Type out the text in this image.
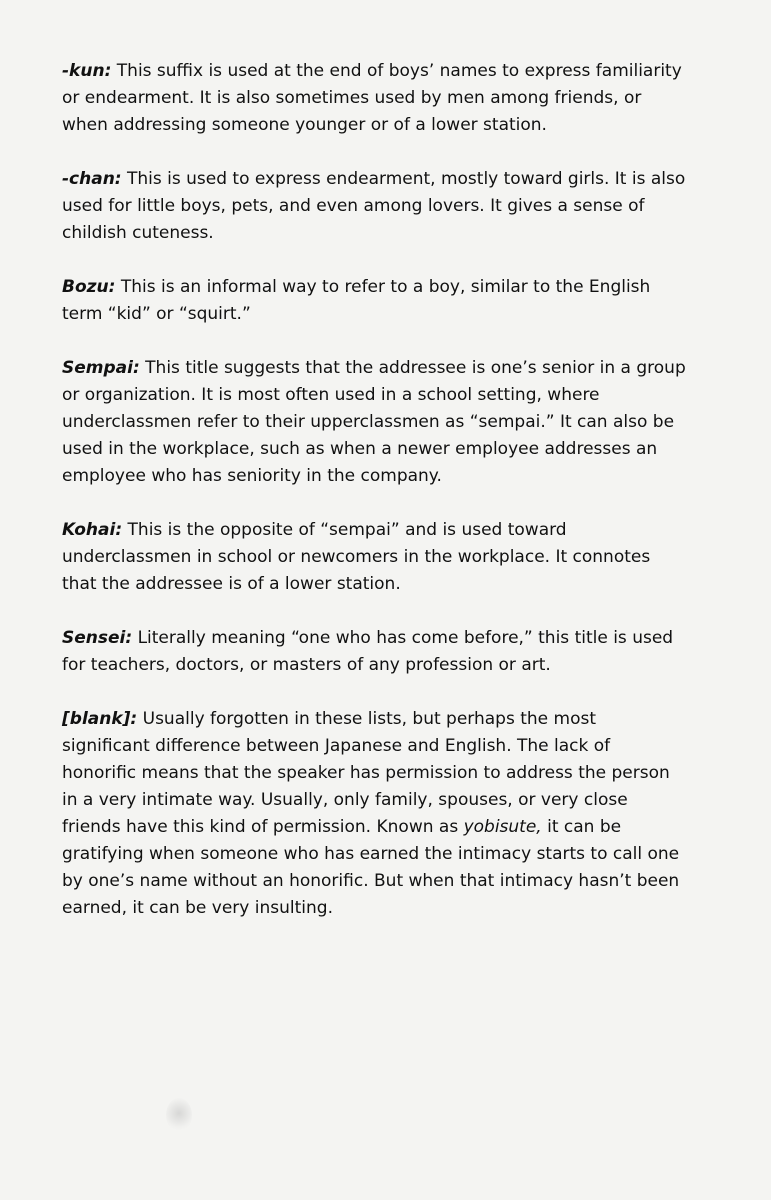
-kun: This suffix is used at the end of boys’ names to express familiarity or endearment. It is also sometimes used by men among friends, or when addressing someone younger or of a lower station.

-chan: This is used to express endearment, mostly toward girls. It is also used for little boys, pets, and even among lovers. It gives a sense of childish cuteness.

Bozu: This is an informal way to refer to a boy, similar to the English term “kid” or “squirt.”

Sempai: This title suggests that the addressee is one’s senior in a group or organization. It is most often used in a school setting, where underclassmen refer to their upperclassmen as “sempai.” It can also be used in the workplace, such as when a newer employee addresses an employee who has seniority in the company.

Kohai: This is the opposite of “sempai” and is used toward underclassmen in school or newcomers in the workplace. It connotes that the addressee is of a lower station.

Sensei: Literally meaning “one who has come before,” this title is used for teachers, doctors, or masters of any profession or art.

[blank]: Usually forgotten in these lists, but perhaps the most significant difference between Japanese and English. The lack of honorific means that the speaker has permission to address the person in a very intimate way. Usually, only family, spouses, or very close friends have this kind of permission. Known as yobisute, it can be gratifying when someone who has earned the intimacy starts to call one by one’s name without an honorific. But when that intimacy hasn’t been earned, it can be very insulting.
